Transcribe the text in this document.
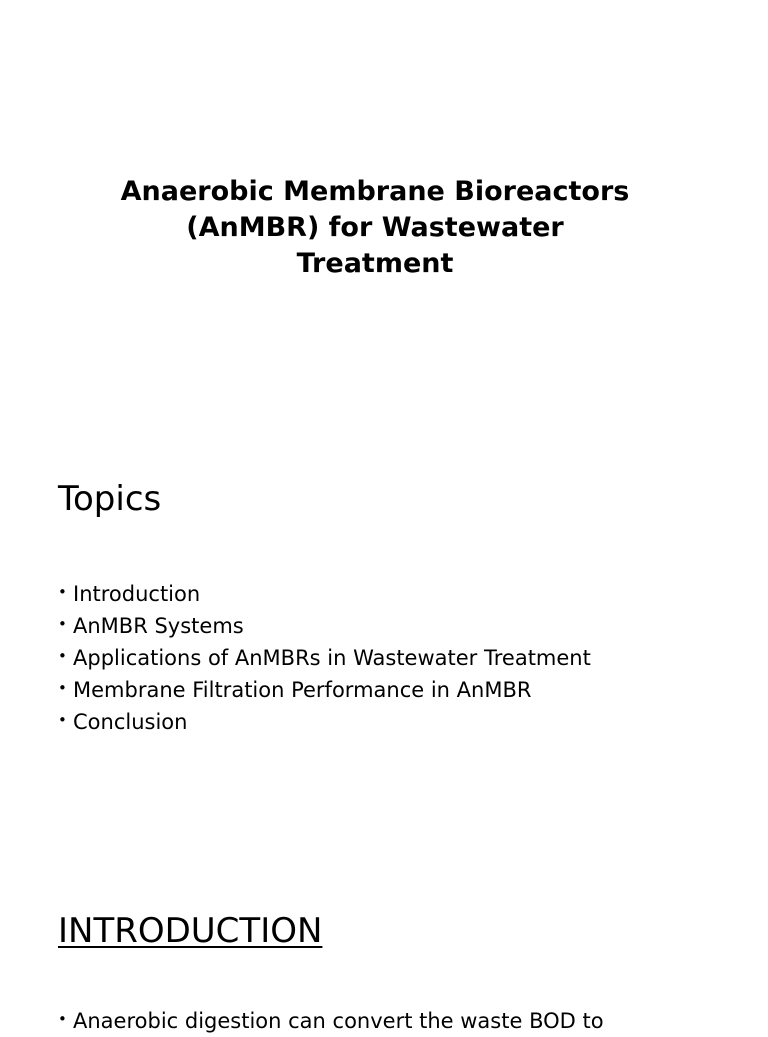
Anaerobic Membrane Bioreactors
(AnMBR) for Wastewater
Treatment
Topics
• Introduction
• AnMBR Systems
• Applications of AnMBRs in Wastewater Treatment
• Membrane Filtration Performance in AnMBR
• Conclusion
INTRODUCTION

• Anaerobic digestion can convert the waste BOD to
